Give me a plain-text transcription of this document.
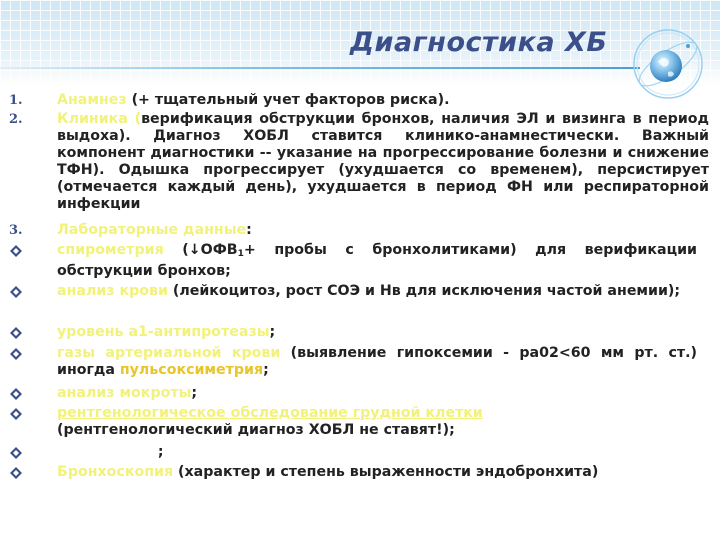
Диагностика ХБ
1.	Анамнез (+ тщательный учет факторов риска).
2.	Клиника (верификация обструкции бронхов, наличия ЭЛ и визинга в период выдоха). Диагноз ХОБЛ ставится клинико-анамнестически. Важный компонент диагностики -- указание на прогрессирование болезни и снижение ТФН). Одышка прогрессирует (ухудшается со временем), персистирует (отмечается каждый день), ухудшается в период ФН или респираторной инфекции
3.	Лабораторные данные:
спирометрия ($↓ОФВ_1+$ пробы с бронхолитиками) для верификации обструкции бронхов;
анализ крови (лейкоцитоз, рост СОЭ и Нв для исключения частой анемии);
уровень а1-антипротеазы;
газы артериальной крови (выявление гипоксемии - ра02<60 мм рт. ст.) иногда пульсоксиметрия;
анализ мокроты;
рентгенологическое обследование грудной клетки (рентгенологический диагноз ХОБЛ не ставят!);
ЭКГ и ЭхоКГ;
Бронхоскопия (характер и степень выраженности эндобронхита)
